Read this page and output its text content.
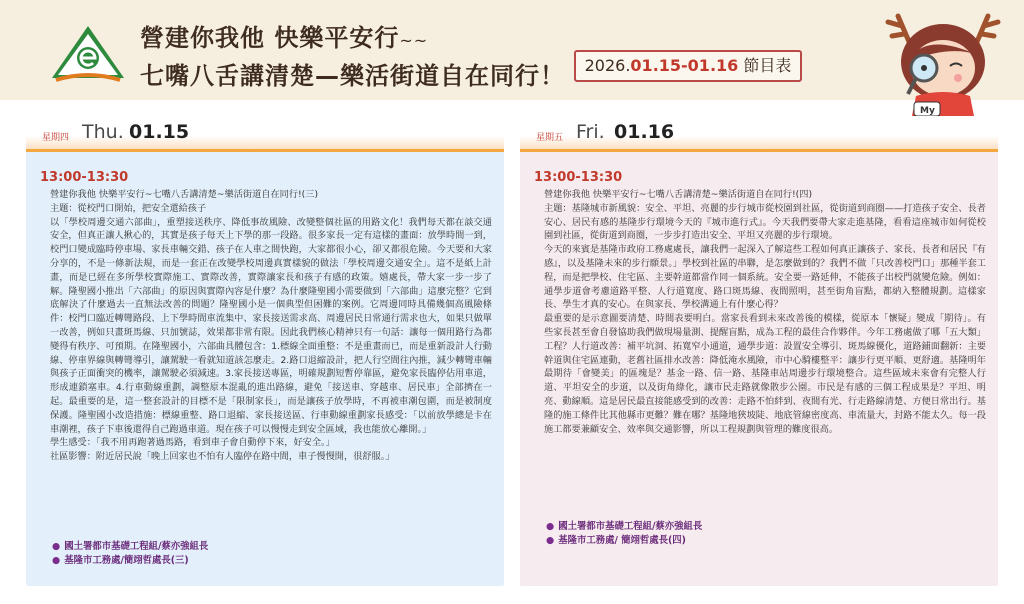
營建你我他 快樂平安行~~
七嘴八舌講清楚—樂活街道自在同行！	2026.01.15-01.16 節目表
My
星期四 Thu. 01.15
13:00-13:30

營建你我他 快樂平安行~七嘴八舌講清楚~樂活街道自在同行!(三)

主題：從校門口開始，把安全還給孩子

以「學校周邊交通六部曲」，重塑接送秩序、降低事故風險、改變整個社區的用路文化！我們每天都在談交通安全，但真正讓人揪心的，其實是孩子每天上下學的那一段路。很多家長一定有這樣的畫面：放學時間一到，校門口變成臨時停車場、家長車輛交錯、孩子在人車之間快跑，大家都很小心，卻又都很危險。今天要和大家分享的，不是一條新法規，而是一套正在改變學校周邊真實樣貌的做法「學校周邊交通安全」。這不是紙上計畫，而是已經在多所學校實際施工、實際改善，實際讓家長和孩子有感的政策。嬉處長，帶大家一步一步了解。隆聖國小推出「六部曲」的原因與實際內容是什麼？為什麼隆聖國小需要做到「六部曲」這麼完整？它到底解決了什麼過去一直無法改善的問題？隆聖國小是一個典型但困難的案例。它周邊同時具備幾個高風險條件：校門口臨近轉彎路段、上下學時間車流集中、家長接送需求高、周邊居民日常通行需求也大，如果只做單一改善，例如只畫斑馬線、只加號誌，效果都非常有限。因此我們核心精神只有一句話：讓每一個用路行為都變得有秩序、可預期。在隆聖國小，六部曲具體包含：1.標線全面重整：不是重畫而已，而是重新設計人行動線、停車界線與轉彎導引，讓駕駛一看就知道該怎麼走。2.路口退縮設計，把人行空間往內推，減少轉彎車輛與孩子正面衝突的機率，讓駕駛必須減速。3.家長接送專區，明確規劃短暫停靠區，避免家長臨停佔用車道，形成連鎖塞車。4.行車動線重劃，調整原本混亂的進出路線，避免「接送車、穿越車、居民車」全部擠在一起。最重要的是，這一整套設計的目標不是「限制家長」，而是讓孩子放學時，不再被車潮包圍，而是被制度保護。隆聖國小改造措施：標線重整、路口退縮、家長接送區、行車動線重劃家長感受：「以前放學總是卡在車潮裡，孩子下車後還得自己跑過車道。現在孩子可以慢慢走到安全區域，我也能放心離開。」

學生感受：「我不用再跑著過馬路，看到車子會自動停下來，好安全。」

社區影響：附近居民說「晚上回家也不怕有人臨停在路中間，車子慢慢開，很舒服。」

● 國土署都市基礎工程組/蔡亦強組長
● 基隆市工務處/簡翊哲處長(三)
星期五 Fri. 01.16
13:00-13:30

營建你我他 快樂平安行~七嘴八舌講清楚~樂活街道自在同行!(四)

主題：基隆城市新風貌：安全、平坦、亮麗的步行城市從校園到社區，從街道到商圈——打造孩子安全、長者安心、居民有感的基隆步行環境今天的『城市進行式』。今天我們要帶大家走進基隆，看看這座城市如何從校園到社區，從街道到商圈，一步步打造出安全、平坦又亮麗的步行環境。

今天的來賓是基隆市政府工務處處長，讓我們一起深入了解這些工程如何真正讓孩子、家長、長者和居民『有感』，以及基隆未來的步行願景。」學校到社區的串聯，是怎麼做到的？我們不做「只改善校門口」那種半套工程，而是把學校、住宅區、主要幹道都當作同一個系統。安全要一路延伸，不能孩子出校門就變危險。例如：通學步道會考慮道路平整、人行道寬度、路口斑馬線、夜間照明，甚至街角盲點，都納入整體規劃。這樣家長、學生才真的安心。在與家長、學校溝通上有什麼心得？

最重要的是示意圖要清楚、時間表要明白。當家長看到未來改善後的模樣，從原本「懷疑」變成「期待」。有些家長甚至會自發協助我們做現場量測、提醒盲點，成為工程的最佳合作夥伴。今年工務處做了哪「五大類」工程？人行道改善：補平坑洞、拓寬窄小通道，通學步道：設置安全導引、斑馬線優化，道路鋪面翻新：主要幹道與住宅區連動，老舊社區排水改善：降低淹水風險，市中心騎樓整平：讓步行更平順、更舒適。基隆明年最期待「會變美」的區塊是？基金一路、信一路、基隆車站周邊步行環境整合。這些區域未來會有完整人行道、平坦安全的步道，以及街角綠化，讓市民走路就像散步公園。市民是有感的三個工程成果是？平坦、明亮、動線順。這是居民最直接能感受到的改善：走路不怕絆到、夜間有光、行走路線清楚、方便日常出行。基隆的施工條件比其他縣市更難？難在哪？基隆地狹坡陡、地底管線密度高、車流量大，封路不能太久。每一段施工都要兼顧安全、效率與交通影響，所以工程規劃與管理的難度很高。

● 國土署都市基礎工程組/蔡亦強組長
● 基隆市工務處/ 簡翊哲處長(四)
